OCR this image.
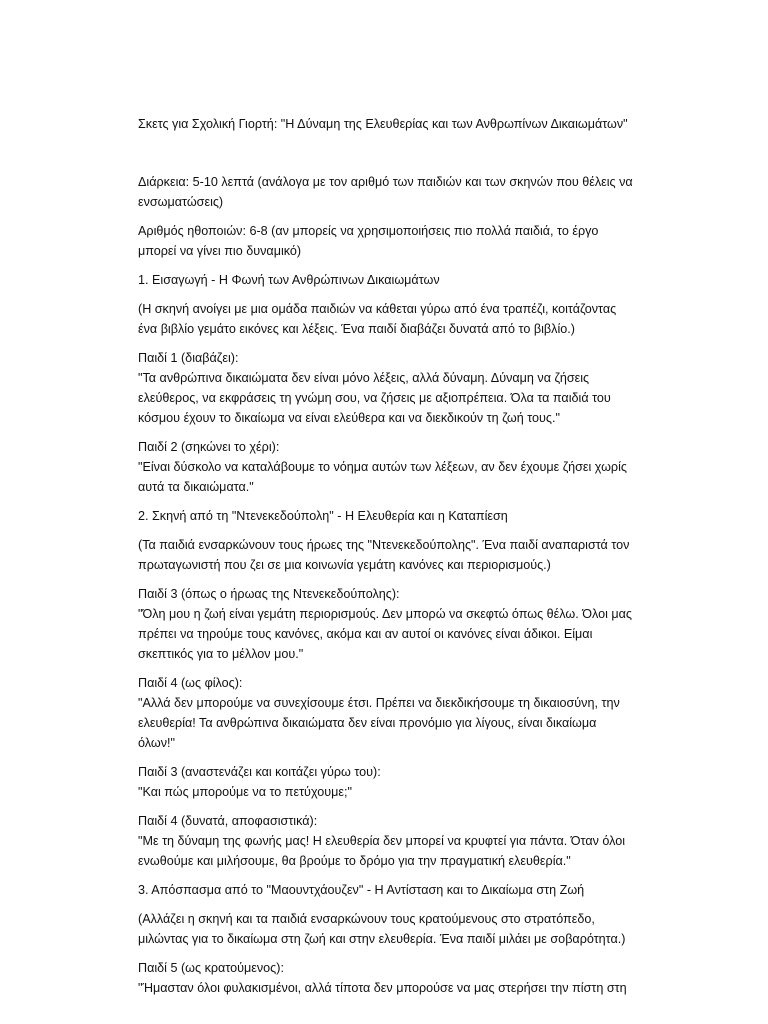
Σκετς για Σχολική Γιορτή: "Η Δύναμη της Ελευθερίας και των Ανθρωπίνων Δικαιωμάτων"
Διάρκεια: 5-10 λεπτά (ανάλογα με τον αριθμό των παιδιών και των σκηνών που θέλεις να
ενσωματώσεις)
Αριθμός ηθοποιών: 6-8 (αν μπορείς να χρησιμοποιήσεις πιο πολλά παιδιά, το έργο
μπορεί να γίνει πιο δυναμικό)
1. Εισαγωγή - Η Φωνή των Ανθρώπινων Δικαιωμάτων
(Η σκηνή ανοίγει με μια ομάδα παιδιών να κάθεται γύρω από ένα τραπέζι, κοιτάζοντας
ένα βιβλίο γεμάτο εικόνες και λέξεις. Ένα παιδί διαβάζει δυνατά από το βιβλίο.)
Παιδί 1 (διαβάζει):
"Τα ανθρώπινα δικαιώματα δεν είναι μόνο λέξεις, αλλά δύναμη. Δύναμη να ζήσεις
ελεύθερος, να εκφράσεις τη γνώμη σου, να ζήσεις με αξιοπρέπεια. Όλα τα παιδιά του
κόσμου έχουν το δικαίωμα να είναι ελεύθερα και να διεκδικούν τη ζωή τους."
Παιδί 2 (σηκώνει το χέρι):
"Είναι δύσκολο να καταλάβουμε το νόημα αυτών των λέξεων, αν δεν έχουμε ζήσει χωρίς
αυτά τα δικαιώματα."
2. Σκηνή από τη "Ντενεκεδούπολη" - Η Ελευθερία και η Καταπίεση
(Τα παιδιά ενσαρκώνουν τους ήρωες της "Ντενεκεδούπολης". Ένα παιδί αναπαριστά τον
πρωταγωνιστή που ζει σε μια κοινωνία γεμάτη κανόνες και περιορισμούς.)
Παιδί 3 (όπως ο ήρωας της Ντενεκεδούπολης):
"Όλη μου η ζωή είναι γεμάτη περιορισμούς. Δεν μπορώ να σκεφτώ όπως θέλω. Όλοι μας
πρέπει να τηρούμε τους κανόνες, ακόμα και αν αυτοί οι κανόνες είναι άδικοι. Είμαι
σκεπτικός για το μέλλον μου."
Παιδί 4 (ως φίλος):
"Αλλά δεν μπορούμε να συνεχίσουμε έτσι. Πρέπει να διεκδικήσουμε τη δικαιοσύνη, την
ελευθερία! Τα ανθρώπινα δικαιώματα δεν είναι προνόμιο για λίγους, είναι δικαίωμα
όλων!"
Παιδί 3 (αναστενάζει και κοιτάζει γύρω του):
"Και πώς μπορούμε να το πετύχουμε;"
Παιδί 4 (δυνατά, αποφασιστικά):
"Με τη δύναμη της φωνής μας! Η ελευθερία δεν μπορεί να κρυφτεί για πάντα. Όταν όλοι
ενωθούμε και μιλήσουμε, θα βρούμε το δρόμο για την πραγματική ελευθερία."
3. Απόσπασμα από το "Μαουντχάουζεν" - Η Αντίσταση και το Δικαίωμα στη Ζωή
(Αλλάζει η σκηνή και τα παιδιά ενσαρκώνουν τους κρατούμενους στο στρατόπεδο,
μιλώντας για το δικαίωμα στη ζωή και στην ελευθερία. Ένα παιδί μιλάει με σοβαρότητα.)
Παιδί 5 (ως κρατούμενος):
"Ήμασταν όλοι φυλακισμένοι, αλλά τίποτα δεν μπορούσε να μας στερήσει την πίστη στη
